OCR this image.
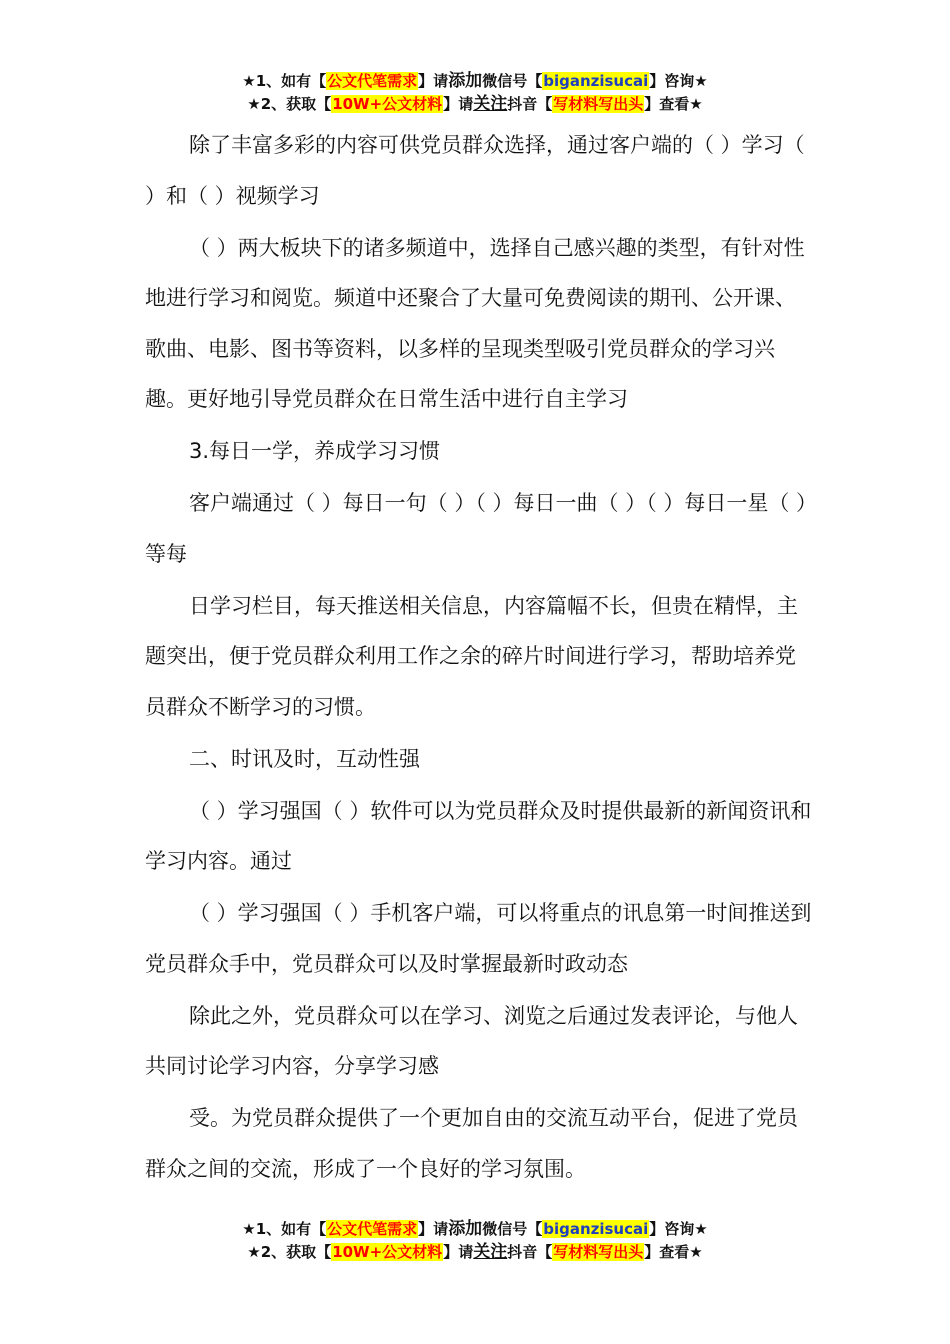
★1、如有【公文代笔需求】请添加微信号【biganzisucai】咨询★
★2、获取【10W+公文材料】请关注抖音【写材料写出头】查看★

除了丰富多彩的内容可供党员群众选择，通过客户端的（ ）学习（ ）和（ ）视频学习

（ ）两大板块下的诸多频道中，选择自己感兴趣的类型，有针对性地进行学习和阅览。频道中还聚合了大量可免费阅读的期刊、公开课、歌曲、电影、图书等资料，以多样的呈现类型吸引党员群众的学习兴趣。更好地引导党员群众在日常生活中进行自主学习

3.每日一学，养成学习习惯

客户端通过（ ）每日一句（ ）（ ）每日一曲（ ）（ ）每日一星（ ）等每

日学习栏目，每天推送相关信息，内容篇幅不长，但贵在精悍，主题突出，便于党员群众利用工作之余的碎片时间进行学习，帮助培养党员群众不断学习的习惯。

二、时讯及时，互动性强

（ ）学习强国（ ）软件可以为党员群众及时提供最新的新闻资讯和学习内容。通过

（ ）学习强国（ ）手机客户端，可以将重点的讯息第一时间推送到党员群众手中，党员群众可以及时掌握最新时政动态

除此之外，党员群众可以在学习、浏览之后通过发表评论，与他人共同讨论学习内容，分享学习感

受。为党员群众提供了一个更加自由的交流互动平台，促进了党员群众之间的交流，形成了一个良好的学习氛围。

★1、如有【公文代笔需求】请添加微信号【biganzisucai】咨询★
★2、获取【10W+公文材料】请关注抖音【写材料写出头】查看★
